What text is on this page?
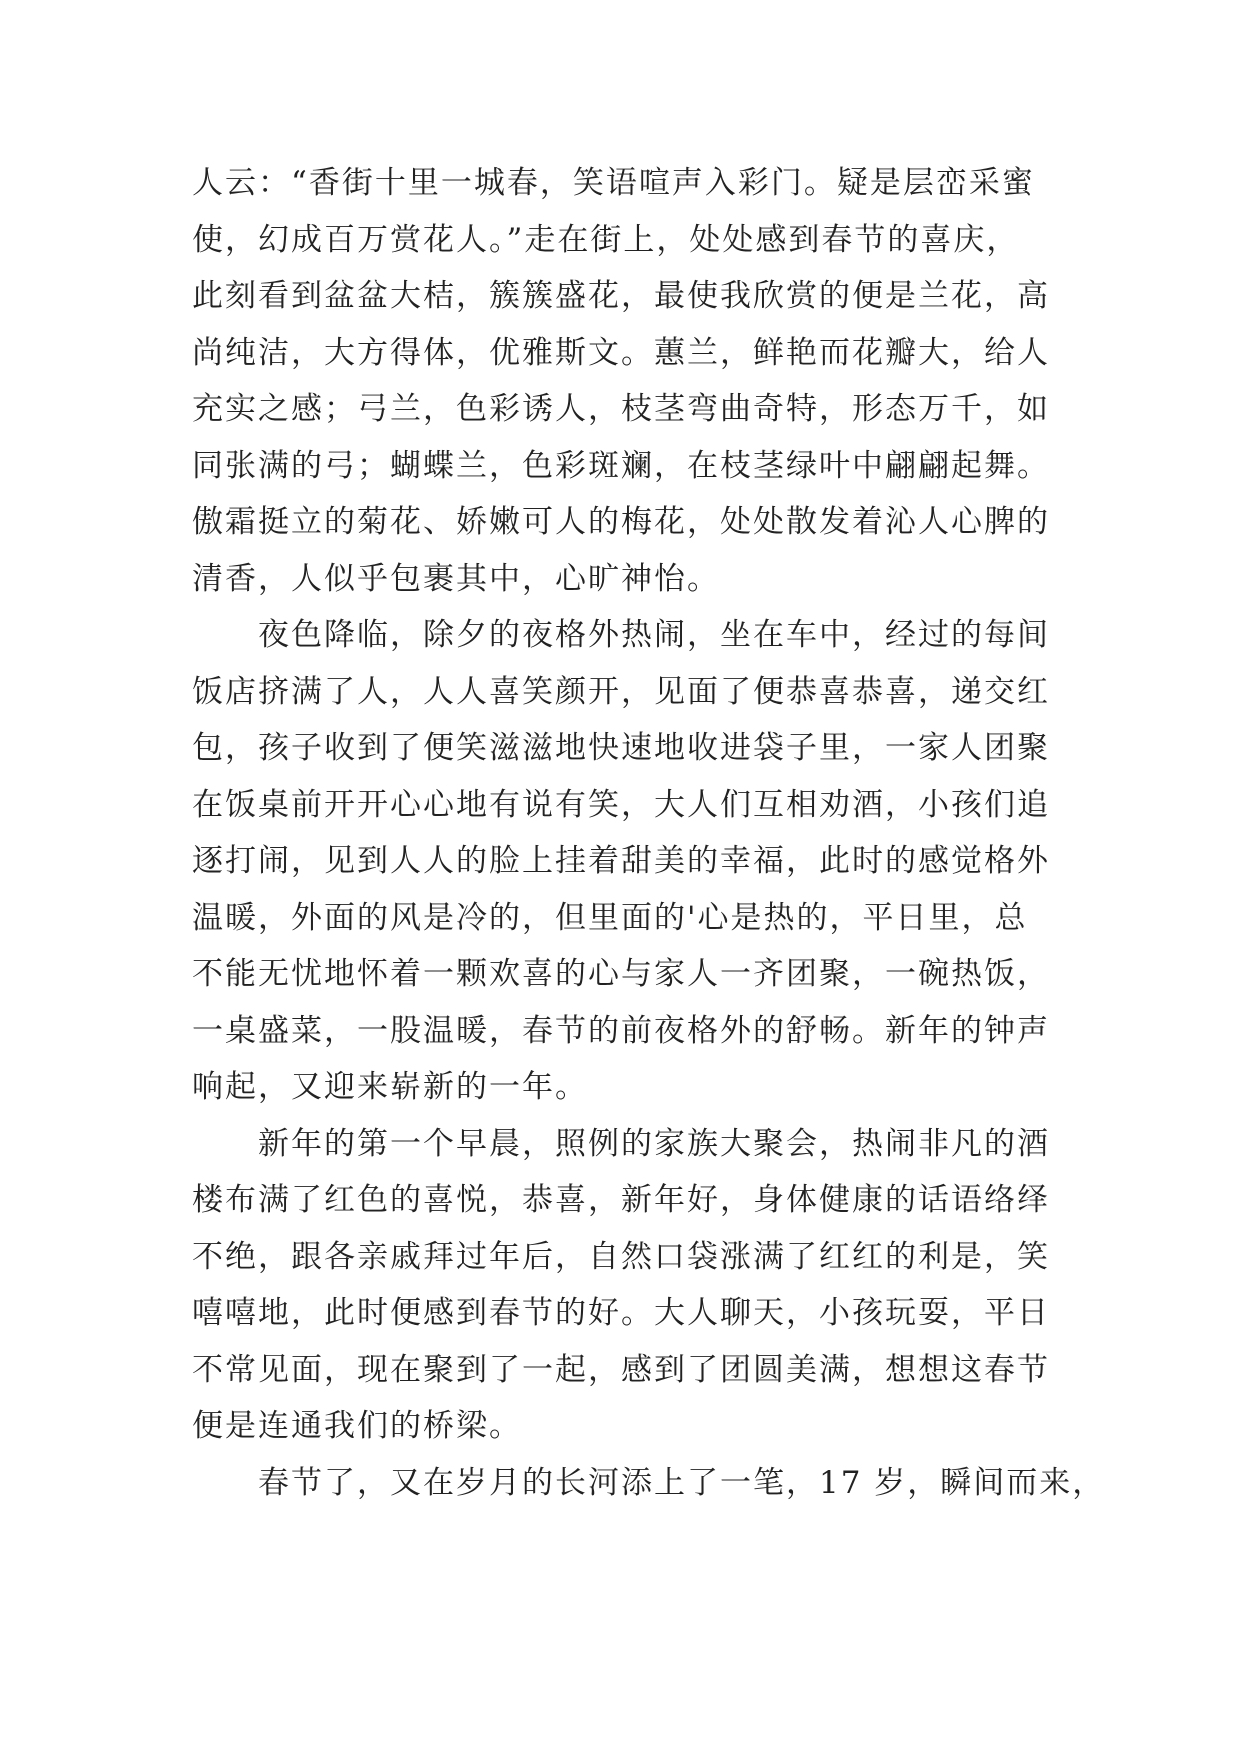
人云：“香街十里一城春，笑语喧声入彩门。疑是层峦采蜜
使，幻成百万赏花人。”走在街上，处处感到春节的喜庆，
此刻看到盆盆大桔，簇簇盛花，最使我欣赏的便是兰花，高
尚纯洁，大方得体，优雅斯文。蕙兰，鲜艳而花瓣大，给人
充实之感；弓兰，色彩诱人，枝茎弯曲奇特，形态万千，如
同张满的弓；蝴蝶兰，色彩斑斓，在枝茎绿叶中翩翩起舞。
傲霜挺立的菊花、娇嫩可人的梅花，处处散发着沁人心脾的
清香，人似乎包裹其中，心旷神怡。
　　夜色降临，除夕的夜格外热闹，坐在车中，经过的每间
饭店挤满了人，人人喜笑颜开，见面了便恭喜恭喜，递交红
包，孩子收到了便笑滋滋地快速地收进袋子里，一家人团聚
在饭桌前开开心心地有说有笑，大人们互相劝酒，小孩们追
逐打闹，见到人人的脸上挂着甜美的幸福，此时的感觉格外
温暖，外面的风是冷的，但里面的'心是热的，平日里，总
不能无忧地怀着一颗欢喜的心与家人一齐团聚，一碗热饭，
一桌盛菜，一股温暖，春节的前夜格外的舒畅。新年的钟声
响起，又迎来崭新的一年。
　　新年的第一个早晨，照例的家族大聚会，热闹非凡的酒
楼布满了红色的喜悦，恭喜，新年好，身体健康的话语络绎
不绝，跟各亲戚拜过年后，自然口袋涨满了红红的利是，笑
嘻嘻地，此时便感到春节的好。大人聊天，小孩玩耍，平日
不常见面，现在聚到了一起，感到了团圆美满，想想这春节
便是连通我们的桥梁。
　　春节了，又在岁月的长河添上了一笔，17 岁，瞬间而来，
